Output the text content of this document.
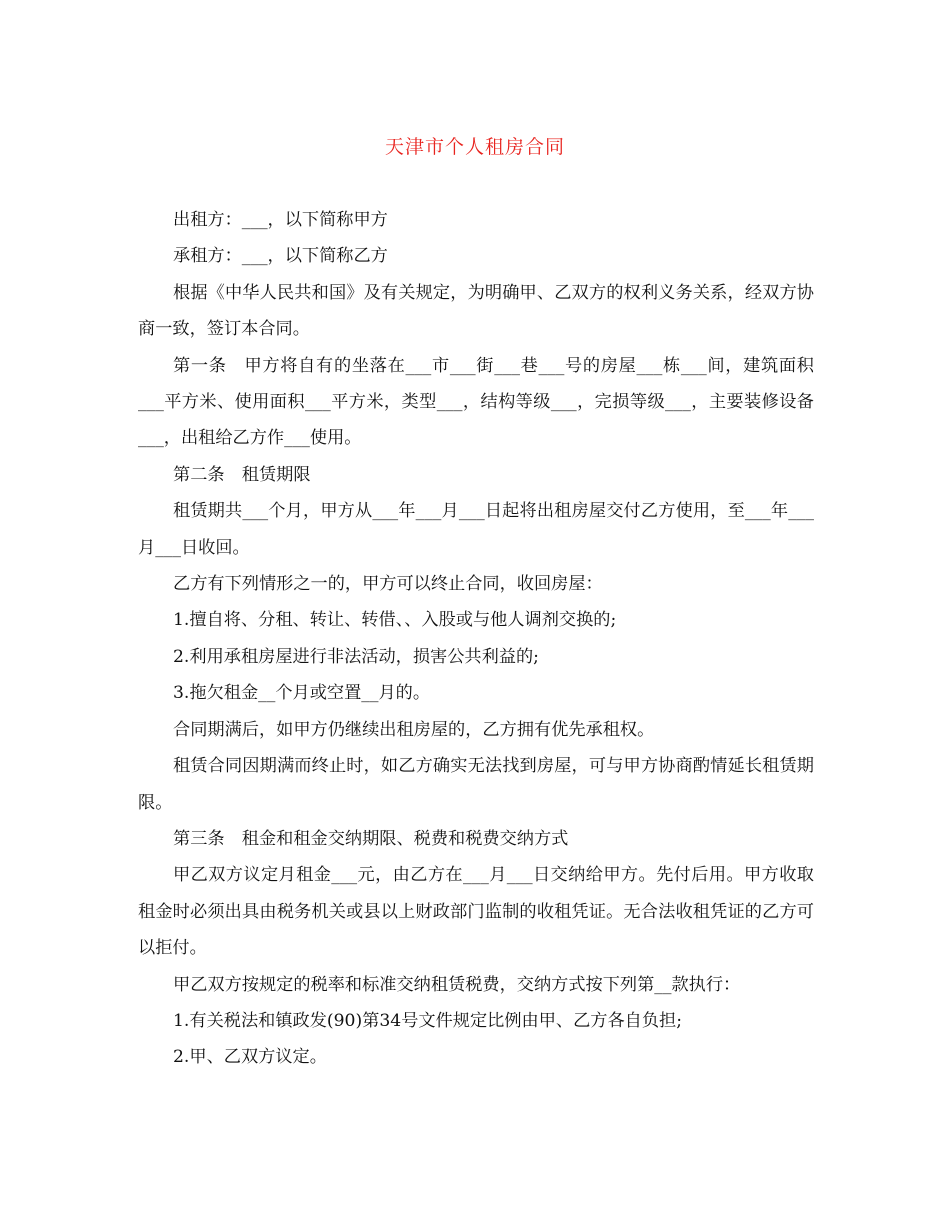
天津市个人租房合同

出租方：___，以下简称甲方

承租方：___，以下简称乙方

根据《中华人民共和国》及有关规定，为明确甲、乙双方的权利义务关系，经双方协商一致，签订本合同。

第一条　甲方将自有的坐落在___市___街___巷___号的房屋___栋___间，建筑面积___平方米、使用面积___平方米，类型___，结构等级___，完损等级___，主要装修设备___，出租给乙方作___使用。

第二条　租赁期限

租赁期共___个月，甲方从___年___月___日起将出租房屋交付乙方使用，至___年___月___日收回。

乙方有下列情形之一的，甲方可以终止合同，收回房屋：

1.擅自将、分租、转让、转借、、入股或与他人调剂交换的;

2.利用承租房屋进行非法活动，损害公共利益的;

3.拖欠租金__个月或空置__月的。

合同期满后，如甲方仍继续出租房屋的，乙方拥有优先承租权。

租赁合同因期满而终止时，如乙方确实无法找到房屋，可与甲方协商酌情延长租赁期限。

第三条　租金和租金交纳期限、税费和税费交纳方式

甲乙双方议定月租金___元，由乙方在___月___日交纳给甲方。先付后用。甲方收取租金时必须出具由税务机关或县以上财政部门监制的收租凭证。无合法收租凭证的乙方可以拒付。

甲乙双方按规定的税率和标准交纳租赁税费，交纳方式按下列第__款执行：

1.有关税法和镇政发(90)第34号文件规定比例由甲、乙方各自负担;

2.甲、乙双方议定。
